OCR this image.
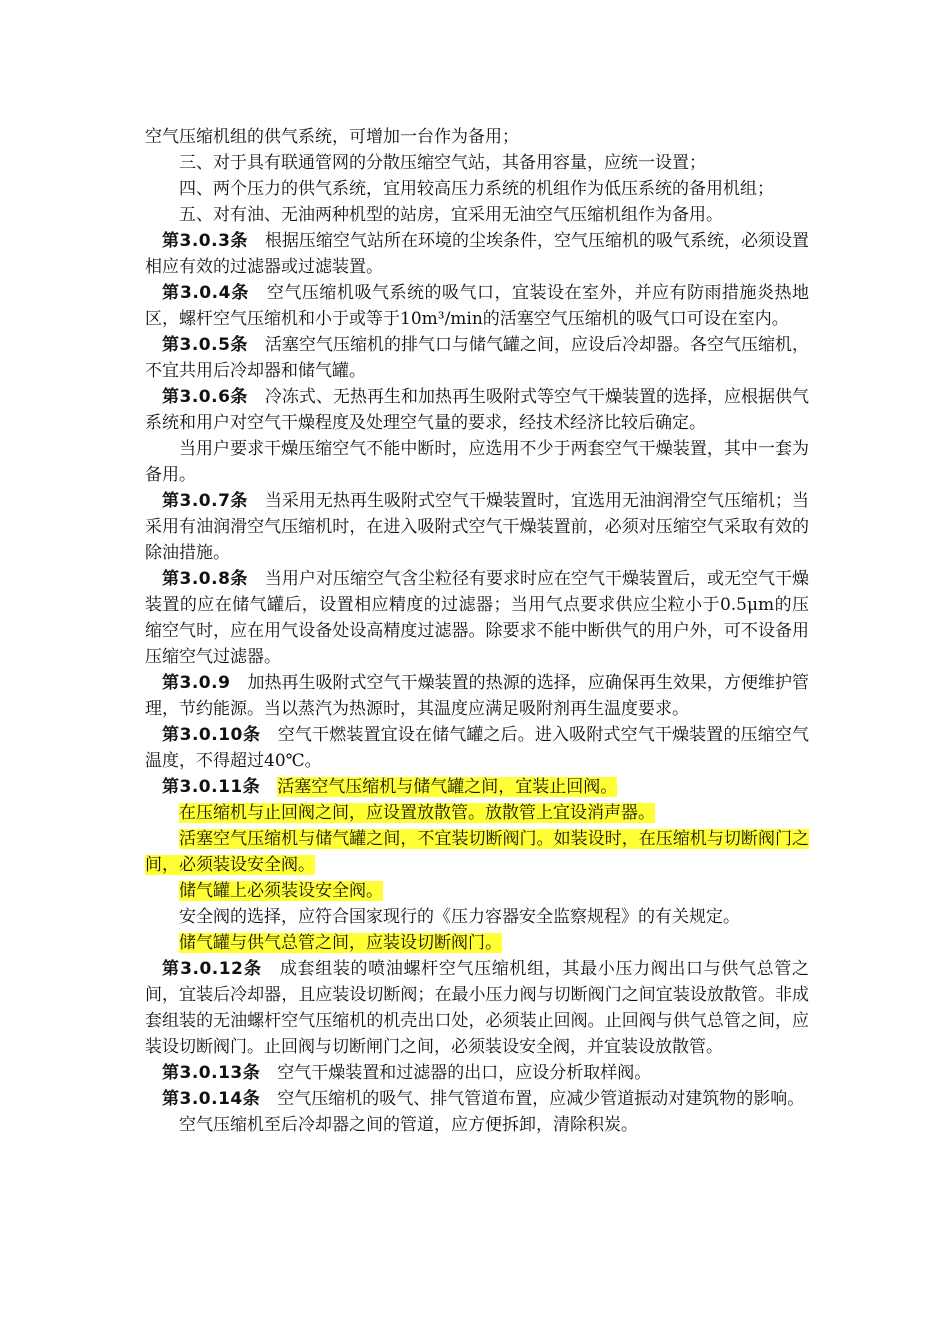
空气压缩机组的供气系统，可增加一台作为备用；

三、对于具有联通管网的分散压缩空气站，其备用容量，应统一设置；

四、两个压力的供气系统，宜用较高压力系统的机组作为低压系统的备用机组；

五、对有油、无油两种机型的站房，宜采用无油空气压缩机组作为备用。

第3.0.3条  根据压缩空气站所在环境的尘埃条件，空气压缩机的吸气系统，必须设置相应有效的过滤器或过滤装置。

第3.0.4条  空气压缩机吸气系统的吸气口，宜装设在室外，并应有防雨措施炎热地区，螺杆空气压缩机和小于或等于10m³/min的活塞空气压缩机的吸气口可设在室内。

第3.0.5条  活塞空气压缩机的排气口与储气罐之间，应设后冷却器。各空气压缩机，不宜共用后冷却器和储气罐。

第3.0.6条  冷冻式、无热再生和加热再生吸附式等空气干燥装置的选择，应根据供气系统和用户对空气干燥程度及处理空气量的要求，经技术经济比较后确定。

当用户要求干燥压缩空气不能中断时，应选用不少于两套空气干燥装置，其中一套为备用。

第3.0.7条  当采用无热再生吸附式空气干燥装置时，宜选用无油润滑空气压缩机；当采用有油润滑空气压缩机时，在进入吸附式空气干燥装置前，必须对压缩空气采取有效的除油措施。

第3.0.8条  当用户对压缩空气含尘粒径有要求时应在空气干燥装置后，或无空气干燥装置的应在储气罐后，设置相应精度的过滤器；当用气点要求供应尘粒小于0.5μm的压缩空气时，应在用气设备处设高精度过滤器。除要求不能中断供气的用户外，可不设备用压缩空气过滤器。

第3.0.9  加热再生吸附式空气干燥装置的热源的选择，应确保再生效果，方便维护管理，节约能源。当以蒸汽为热源时，其温度应满足吸附剂再生温度要求。

第3.0.10条  空气干燃装置宜设在储气罐之后。进入吸附式空气干燥装置的压缩空气温度，不得超过40℃。

第3.0.11条  活塞空气压缩机与储气罐之间，宜装止回阀。

在压缩机与止回阀之间，应设置放散管。放散管上宜设消声器。

活塞空气压缩机与储气罐之间，不宜装切断阀门。如装设时，在压缩机与切断阀门之间，必须装设安全阀。

储气罐上必须装设安全阀。

安全阀的选择，应符合国家现行的《压力容器安全监察规程》的有关规定。

储气罐与供气总管之间，应装设切断阀门。

第3.0.12条  成套组装的喷油螺杆空气压缩机组，其最小压力阀出口与供气总管之间，宜装后冷却器，且应装设切断阀；在最小压力阀与切断阀门之间宜装设放散管。非成套组装的无油螺杆空气压缩机的机壳出口处，必须装止回阀。止回阀与供气总管之间，应装设切断阀门。止回阀与切断闸门之间，必须装设安全阀，并宜装设放散管。

第3.0.13条  空气干燥装置和过滤器的出口，应设分析取样阀。

第3.0.14条  空气压缩机的吸气、排气管道布置，应减少管道振动对建筑物的影响。

空气压缩机至后冷却器之间的管道，应方便拆卸，清除积炭。
